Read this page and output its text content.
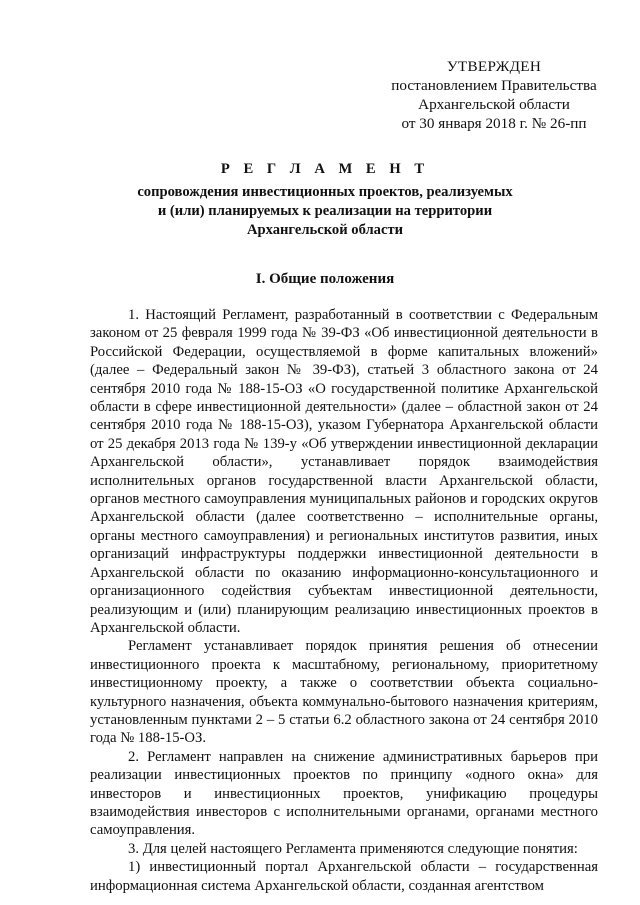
УТВЕРЖДЕН
постановлением Правительства
Архангельской области
от 30 января 2018 г. № 26-пп
Р Е Г Л А М Е Н Т
сопровождения инвестиционных проектов, реализуемых
и (или) планируемых к реализации на территории
Архангельской области
I. Общие положения

1. Настоящий Регламент, разработанный в соответствии с Федеральным законом от 25 февраля 1999 года № 39-ФЗ «Об инвестиционной деятельности в Российской Федерации, осуществляемой в форме капитальных вложений» (далее – Федеральный закон № 39-ФЗ), статьей 3 областного закона от 24 сентября 2010 года № 188-15-ОЗ «О государственной политике Архангельской области в сфере инвестиционной деятельности» (далее – областной закон от 24 сентября 2010 года № 188-15-ОЗ), указом Губернатора Архангельской области от 25 декабря 2013 года № 139-у «Об утверждении инвестиционной декларации Архангельской области», устанавливает порядок взаимодействия исполнительных органов государственной власти Архангельской области, органов местного самоуправления муниципальных районов и городских округов Архангельской области (далее соответственно – исполнительные органы, органы местного самоуправления) и региональных институтов развития, иных организаций инфраструктуры поддержки инвестиционной деятельности в Архангельской области по оказанию информационно-консультационного и организационного содействия субъектам инвестиционной деятельности, реализующим и (или) планирующим реализацию инвестиционных проектов в Архангельской области.

Регламент устанавливает порядок принятия решения об отнесении инвестиционного проекта к масштабному, региональному, приоритетному инвестиционному проекту, а также о соответствии объекта социально-культурного назначения, объекта коммунально-бытового назначения критериям, установленным пунктами 2 – 5 статьи 6.2 областного закона от 24 сентября 2010 года № 188-15-ОЗ.

2. Регламент направлен на снижение административных барьеров при реализации инвестиционных проектов по принципу «одного окна» для инвесторов и инвестиционных проектов, унификацию процедуры взаимодействия инвесторов с исполнительными органами, органами местного самоуправления.

3. Для целей настоящего Регламента применяются следующие понятия:

1) инвестиционный портал Архангельской области – государственная информационная система Архангельской области, созданная агентством
